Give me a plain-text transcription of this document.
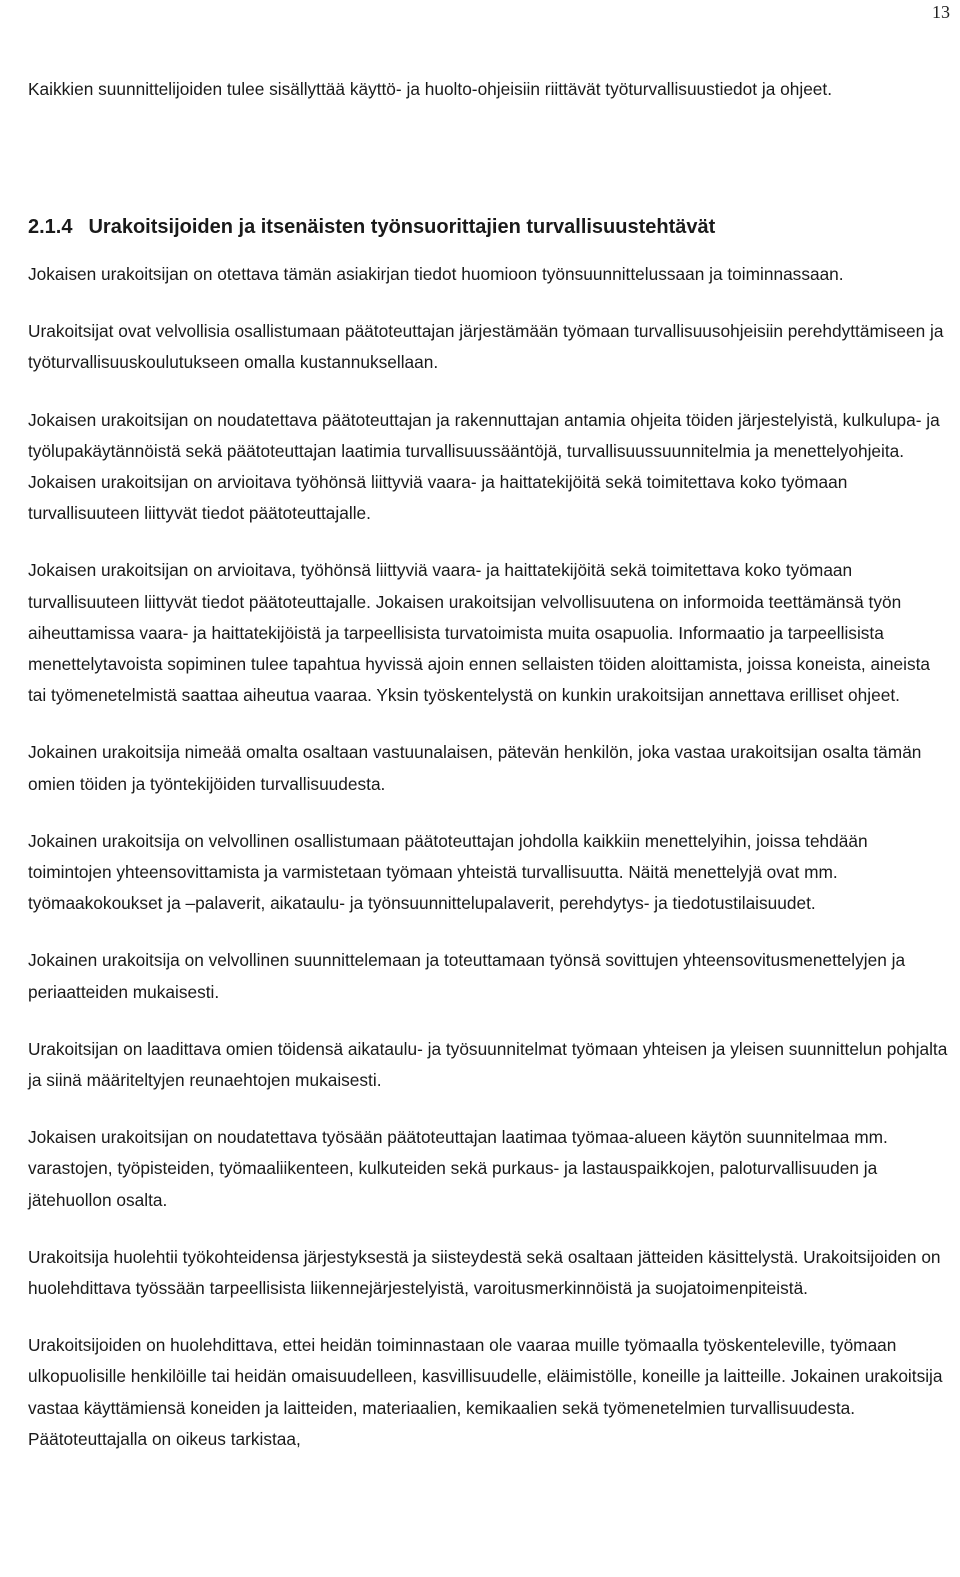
13

Kaikkien suunnittelijoiden tulee sisällyttää käyttö- ja huolto-ohjeisiin riittävät työturvallisuustiedot ja ohjeet.

2.1.4 Urakoitsijoiden ja itsenäisten työnsuorittajien turvallisuustehtävät

Jokaisen urakoitsijan on otettava tämän asiakirjan tiedot huomioon työnsuunnittelussaan ja toiminnassaan.

Urakoitsijat ovat velvollisia osallistumaan päätoteuttajan järjestämään työmaan turvallisuusohjeisiin perehdyttämiseen ja työturvallisuuskoulutukseen omalla kustannuksellaan.

Jokaisen urakoitsijan on noudatettava päätoteuttajan ja rakennuttajan antamia ohjeita töiden järjestelyistä, kulkulupa- ja työlupakäytännöistä sekä päätoteuttajan laatimia turvallisuussääntöjä, turvallisuussuunnitelmia ja menettelyohjeita. Jokaisen urakoitsijan on arvioitava työhönsä liittyviä vaara- ja haittatekijöitä sekä toimitettava koko työmaan turvallisuuteen liittyvät tiedot päätoteuttajalle.

Jokaisen urakoitsijan on arvioitava, työhönsä liittyviä vaara- ja haittatekijöitä sekä toimitettava koko työmaan turvallisuuteen liittyvät tiedot päätoteuttajalle. Jokaisen urakoitsijan velvollisuutena on informoida teettämänsä työn aiheuttamissa vaara- ja haittatekijöistä ja tarpeellisista turvatoimista muita osapuolia. Informaatio ja tarpeellisista menettelytavoista sopiminen tulee tapahtua hyvissä ajoin ennen sellaisten töiden aloittamista, joissa koneista, aineista tai työmenetelmistä saattaa aiheutua vaaraa. Yksin työskentelystä on kunkin urakoitsijan annettava erilliset ohjeet.

Jokainen urakoitsija nimeää omalta osaltaan vastuunalaisen, pätevän henkilön, joka vastaa urakoitsijan osalta tämän omien töiden ja työntekijöiden turvallisuudesta.

Jokainen urakoitsija on velvollinen osallistumaan päätoteuttajan johdolla kaikkiin menettelyihin, joissa tehdään toimintojen yhteensovittamista ja varmistetaan työmaan yhteistä turvallisuutta. Näitä menettelyjä ovat mm. työmaakokoukset ja –palaverit, aikataulu- ja työnsuunnittelupalaverit, perehdytys- ja tiedotustilaisuudet.

Jokainen urakoitsija on velvollinen suunnittelemaan ja toteuttamaan työnsä sovittujen yhteensovitusmenettelyjen ja periaatteiden mukaisesti.

Urakoitsijan on laadittava omien töidensä aikataulu- ja työsuunnitelmat työmaan yhteisen ja yleisen suunnittelun pohjalta ja siinä määriteltyjen reunaehtojen mukaisesti.

Jokaisen urakoitsijan on noudatettava työsään päätoteuttajan laatimaa työmaa-alueen käytön suunnitelmaa mm. varastojen, työpisteiden, työmaaliikenteen, kulkuteiden sekä purkaus- ja lastauspaikkojen, paloturvallisuuden ja jätehuollon osalta.

Urakoitsija huolehtii työkohteidensa järjestyksestä ja siisteydestä sekä osaltaan jätteiden käsittelystä. Urakoitsijoiden on huolehdittava työssään tarpeellisista liikennejärjestelyistä, varoitusmerkinnöistä ja suojatoimenpiteistä.

Urakoitsijoiden on huolehdittava, ettei heidän toiminnastaan ole vaaraa muille työmaalla työskenteleville, työmaan ulkopuolisille henkilöille tai heidän omaisuudelleen, kasvillisuudelle, eläimistölle, koneille ja laitteille. Jokainen urakoitsija vastaa käyttämiensä koneiden ja laitteiden, materiaalien, kemikaalien sekä työmenetelmien turvallisuudesta. Päätoteuttajalla on oikeus tarkistaa,
